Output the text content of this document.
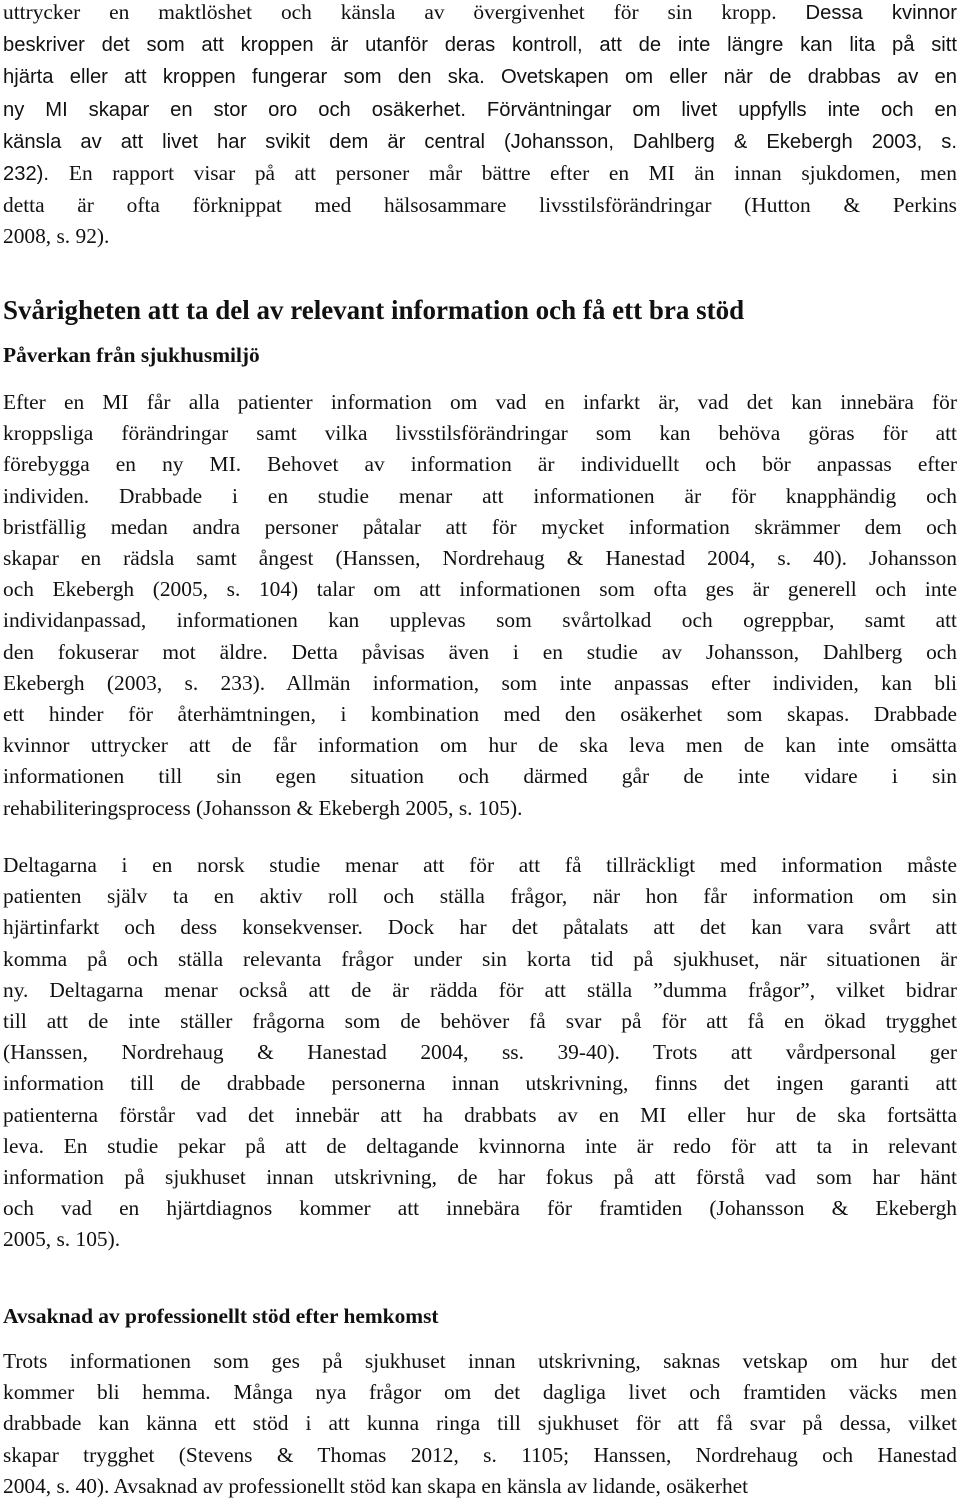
uttrycker en maktlöshet och känsla av övergivenhet för sin kropp. Dessa kvinnor
beskriver det som att kroppen är utanför deras kontroll, att de inte längre kan lita på sitt
hjärta eller att kroppen fungerar som den ska. Ovetskapen om eller när de drabbas av en
ny MI skapar en stor oro och osäkerhet. Förväntningar om livet uppfylls inte och en
känsla av att livet har svikit dem är central (Johansson, Dahlberg & Ekebergh 2003, s.
232). En rapport visar på att personer mår bättre efter en MI än innan sjukdomen, men
detta är ofta förknippat med hälsosammare livsstilsförändringar (Hutton & Perkins
2008, s. 92).
Svårigheten att ta del av relevant information och få ett bra stöd
Påverkan från sjukhusmiljö
Efter en MI får alla patienter information om vad en infarkt är, vad det kan innebära för
kroppsliga förändringar samt vilka livsstilsförändringar som kan behöva göras för att
förebygga en ny MI. Behovet av information är individuellt och bör anpassas efter
individen. Drabbade i en studie menar att informationen är för knapphändig och
bristfällig medan andra personer påtalar att för mycket information skrämmer dem och
skapar en rädsla samt ångest (Hanssen, Nordrehaug & Hanestad 2004, s. 40). Johansson
och Ekebergh (2005, s. 104) talar om att informationen som ofta ges är generell och inte
individanpassad, informationen kan upplevas som svårtolkad och ogreppbar, samt att
den fokuserar mot äldre. Detta påvisas även i en studie av Johansson, Dahlberg och
Ekebergh (2003, s. 233). Allmän information, som inte anpassas efter individen, kan bli
ett hinder för återhämtningen, i kombination med den osäkerhet som skapas. Drabbade
kvinnor uttrycker att de får information om hur de ska leva men de kan inte omsätta
informationen till sin egen situation och därmed går de inte vidare i sin
rehabiliteringsprocess (Johansson & Ekebergh 2005, s. 105).
Deltagarna i en norsk studie menar att för att få tillräckligt med information måste
patienten själv ta en aktiv roll och ställa frågor, när hon får information om sin
hjärtinfarkt och dess konsekvenser. Dock har det påtalats att det kan vara svårt att
komma på och ställa relevanta frågor under sin korta tid på sjukhuset, när situationen är
ny. Deltagarna menar också att de är rädda för att ställa ”dumma frågor”, vilket bidrar
till att de inte ställer frågorna som de behöver få svar på för att få en ökad trygghet
(Hanssen, Nordrehaug & Hanestad 2004, ss. 39-40). Trots att vårdpersonal ger
information till de drabbade personerna innan utskrivning, finns det ingen garanti att
patienterna förstår vad det innebär att ha drabbats av en MI eller hur de ska fortsätta
leva. En studie pekar på att de deltagande kvinnorna inte är redo för att ta in relevant
information på sjukhuset innan utskrivning, de har fokus på att förstå vad som har hänt
och vad en hjärtdiagnos kommer att innebära för framtiden (Johansson & Ekebergh
2005, s. 105).
Avsaknad av professionellt stöd efter hemkomst
Trots informationen som ges på sjukhuset innan utskrivning, saknas vetskap om hur det
kommer bli hemma. Många nya frågor om det dagliga livet och framtiden väcks men
drabbade kan känna ett stöd i att kunna ringa till sjukhuset för att få svar på dessa, vilket
skapar trygghet (Stevens & Thomas 2012, s. 1105; Hanssen, Nordrehaug och Hanestad
2004, s. 40). Avsaknad av professionellt stöd kan skapa en känsla av lidande, osäkerhet
